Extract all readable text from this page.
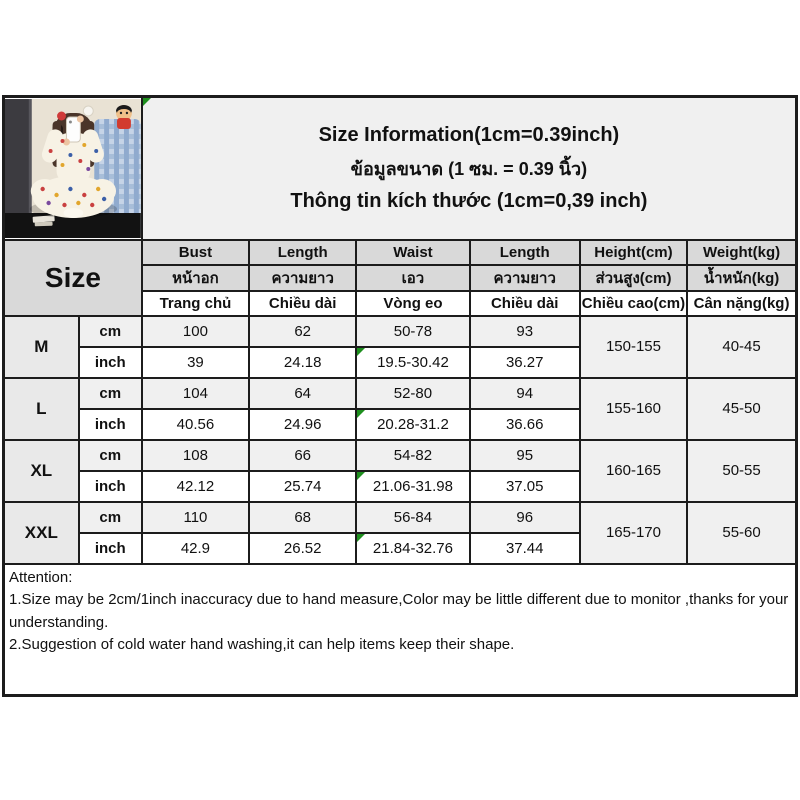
Size Information(1cm=0.39inch)
ข้อมูลขนาด (1 ซม. = 0.39 นิ้ว)
Thông tin kích thước (1cm=0,39 inch)					

Size		Bust	Length	Waist	Length	Height(cm)	Weight(kg)
		หน้าอก	ความยาว	เอว	ความยาว	ส่วนสูง(cm)	น้ำหนัก(kg)
		Trang chủ	Chiều dài	Vòng eo	Chiều dài	Chiều cao(cm)	Cân nặng(kg)
M	cm	100	62	50-78	93	150-155	40-45
	inch	39	24.18	19.5-30.42	36.27		
L	cm	104	64	52-80	94	155-160	45-50
	inch	40.56	24.96	20.28-31.2	36.66		
XL	cm	108	66	54-82	95	160-165	50-55
	inch	42.12	25.74	21.06-31.98	37.05		
XXL	cm	110	68	56-84	96	165-170	55-60
	inch	42.9	26.52	21.84-32.76	37.44		

Attention:
1.Size may be 2cm/1inch inaccuracy due to hand measure,Color may be little different due to monitor ,thanks for your understanding.
2.Suggestion of cold water hand washing,it can help items keep their shape.							
